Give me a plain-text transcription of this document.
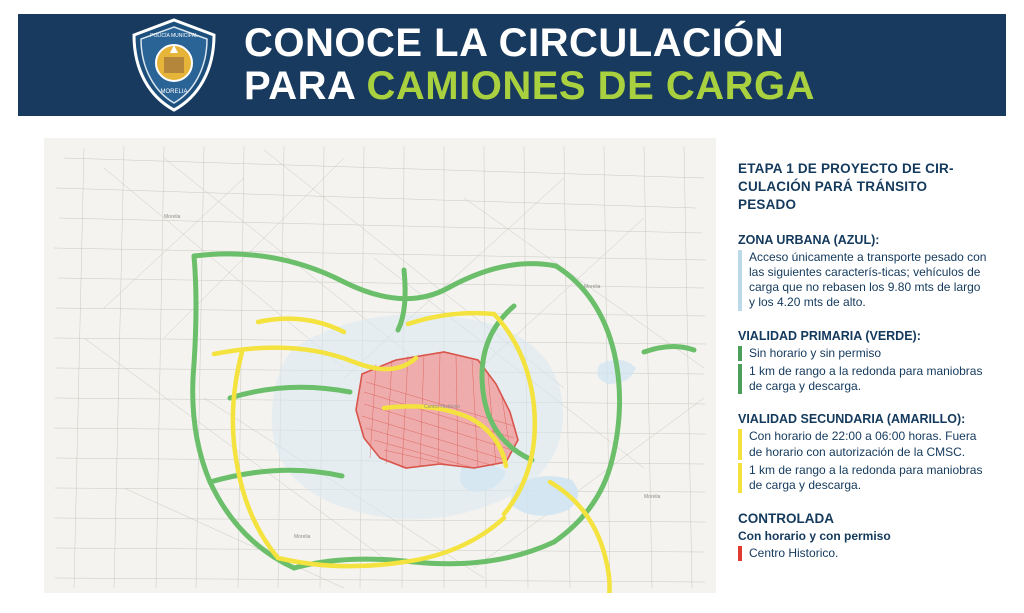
POLICÍA MUNICIPAL
MORELIA
CONOCE LA CIRCULACIÓN
PARA CAMIONES DE CARGA
Morelia
Morelia
Morelia
Centro Histórico
Morelia
ETAPA 1 DE PROYECTO DE CIR-CULACIÓN PARÁ TRÁNSITO PESADO
ZONA URBANA (AZUL):
Acceso únicamente a transporte pesado con las siguientes caracterís-ticas; vehículos de carga que no rebasen los 9.80 mts de largo y los 4.20 mts de alto.
VIALIDAD PRIMARIA (VERDE):
Sin horario y sin permiso
1 km de rango a la redonda para maniobras de carga y descarga.
VIALIDAD SECUNDARIA (AMARILLO):
Con horario de 22:00 a 06:00 horas. Fuera de horario con autorización de la CMSC.
1 km de rango a la redonda para maniobras de carga y descarga.
CONTROLADA
Con horario y con permiso
Centro Historico.
